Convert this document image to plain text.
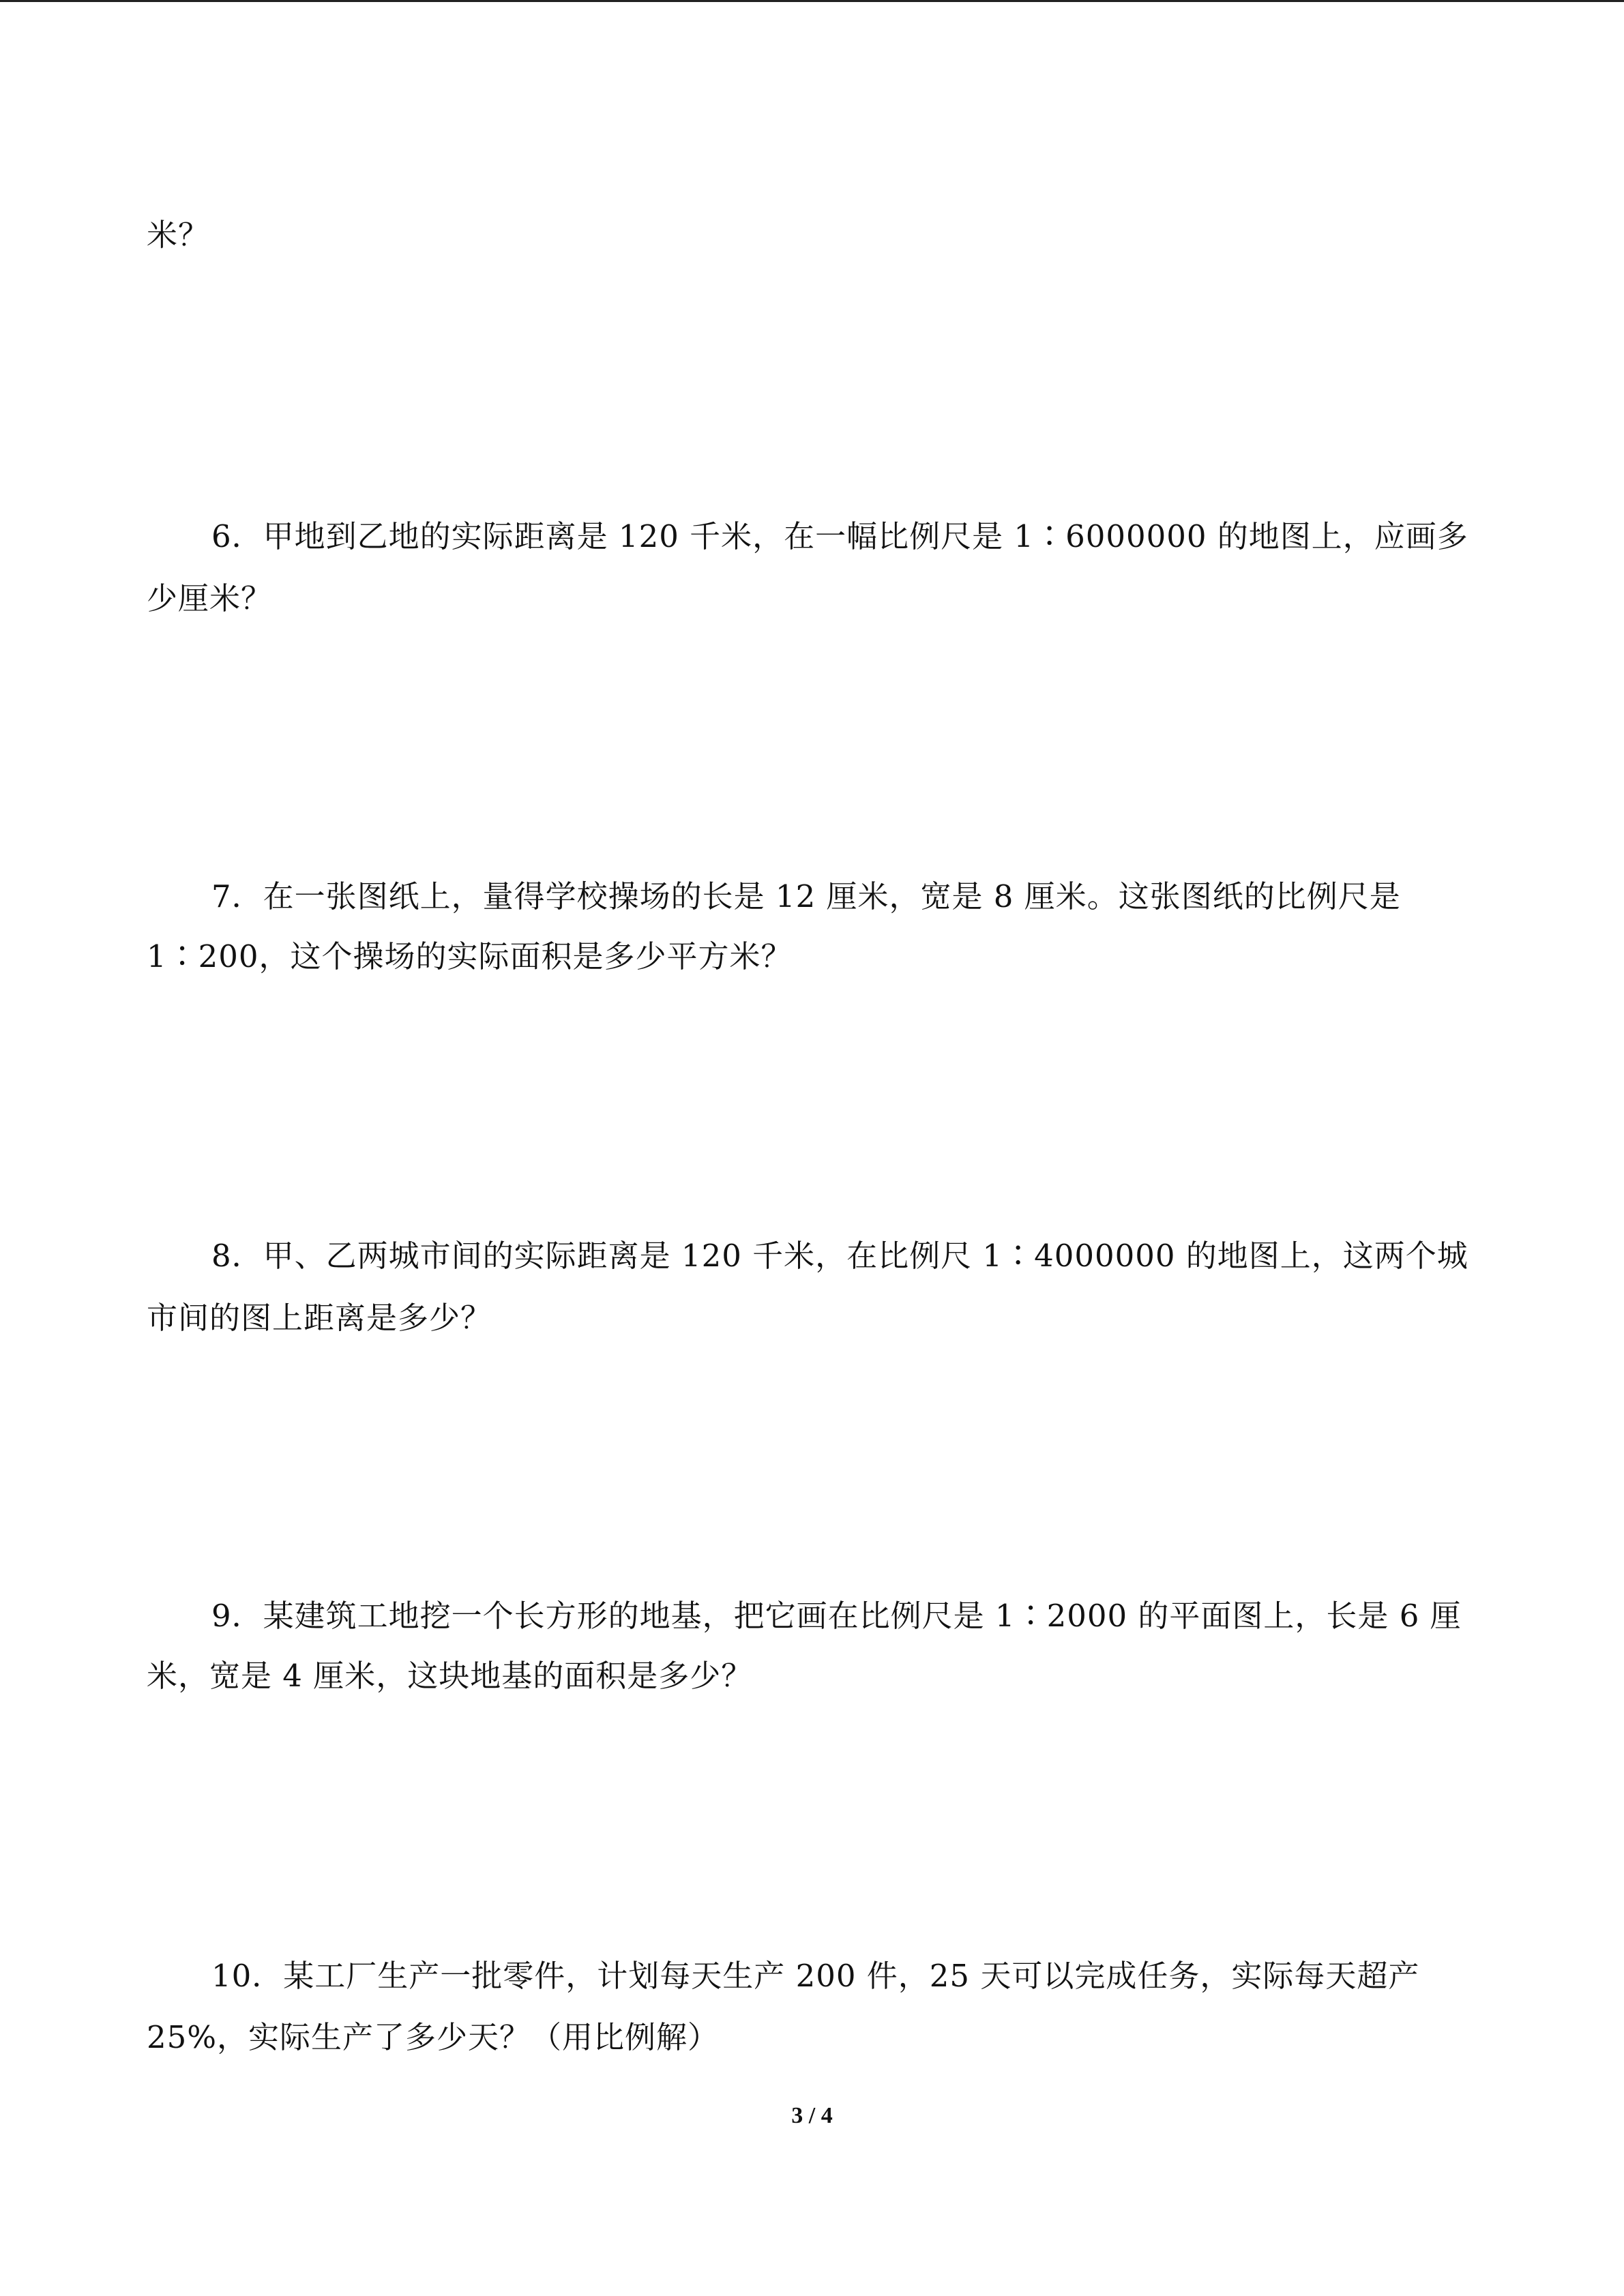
米？
6．甲地到乙地的实际距离是 120 千米，在一幅比例尺是 1∶6000000 的地图上，应画多
少厘米？
7．在一张图纸上，量得学校操场的长是 12 厘米，宽是 8 厘米。这张图纸的比例尺是
1∶200，这个操场的实际面积是多少平方米？
8．甲、乙两城市间的实际距离是 120 千米，在比例尺 1∶4000000 的地图上，这两个城
市间的图上距离是多少？
9．某建筑工地挖一个长方形的地基，把它画在比例尺是 1∶2000 的平面图上，长是 6 厘
米，宽是 4 厘米，这块地基的面积是多少？
10．某工厂生产一批零件，计划每天生产 200 件，25 天可以完成任务，实际每天超产
25%，实际生产了多少天？（用比例解）
3 / 4
